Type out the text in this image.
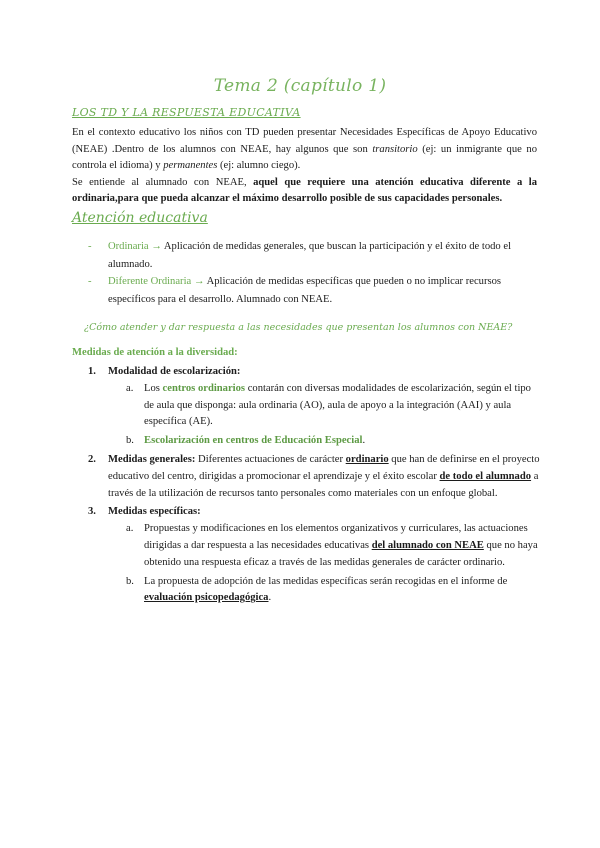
Tema 2 (capítulo 1)
LOS TD Y LA RESPUESTA EDUCATIVA

En el contexto educativo los niños con TD pueden presentar Necesidades Específicas de Apoyo Educativo (NEAE) .Dentro de los alumnos con NEAE, hay algunos que son transitorio (ej: un inmigrante que no controla el idioma) y permanentes (ej: alumno ciego).

Se entiende al alumnado con NEAE, aquel que requiere una atención educativa diferente a la ordinaria,para que pueda alcanzar el máximo desarrollo posible de sus capacidades personales.

Atención educativa
- Ordinaria → Aplicación de medidas generales, que buscan la participación y el éxito de todo el alumnado.
- Diferente Ordinaria → Aplicación de medidas específicas que pueden o no implicar recursos específicos para el desarrollo. Alumnado con NEAE.
¿Cómo atender y dar respuesta a las necesidades que presentan los alumnos con NEAE?
Medidas de atención a la diversidad:
1. Modalidad de escolarización:
a. Los centros ordinarios contarán con diversas modalidades de escolarización, según el tipo de aula que disponga: aula ordinaria (AO), aula de apoyo a la integración (AAI) y aula específica (AE).
b. Escolarización en centros de Educación Especial.
2. Medidas generales: Diferentes actuaciones de carácter ordinario que han de definirse en el proyecto educativo del centro, dirigidas a promocionar el aprendizaje y el éxito escolar de todo el alumnado a través de la utilización de recursos tanto personales como materiales con un enfoque global.
3. Medidas específicas:
a. Propuestas y modificaciones en los elementos organizativos y curriculares, las actuaciones dirigidas a dar respuesta a las necesidades educativas del alumnado con NEAE que no haya obtenido una respuesta eficaz a través de las medidas generales de carácter ordinario.
b. La propuesta de adopción de las medidas específicas serán recogidas en el informe de evaluación psicopedagógica.
